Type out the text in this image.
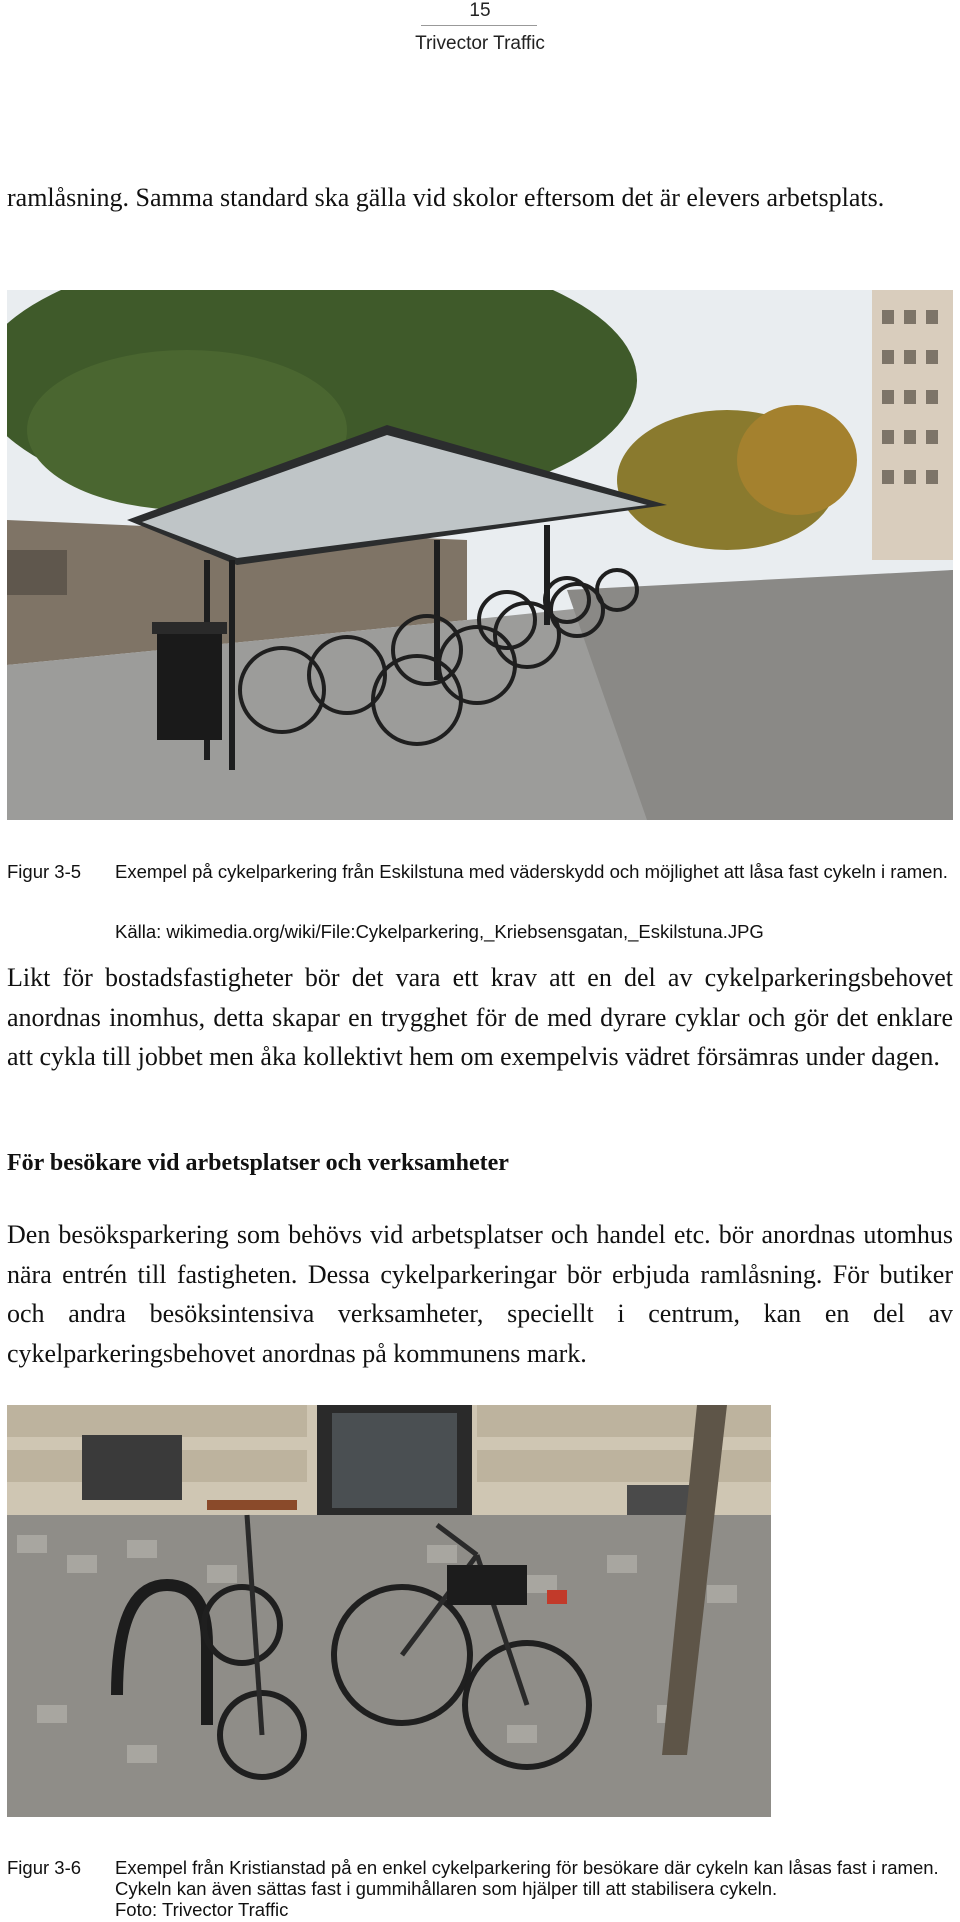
15
Trivector Traffic

ramlåsning. Samma standard ska gälla vid skolor eftersom det är elevers arbetsplats.

Figur 3-5 Exempel på cykelparkering från Eskilstuna med väderskydd och möjlighet att låsa fast cykeln i ramen.
Källa: wikimedia.org/wiki/File:Cykelparkering,_Kriebsensgatan,_Eskilstuna.JPG

Likt för bostadsfastigheter bör det vara ett krav att en del av cykelparkeringsbehovet anordnas inomhus, detta skapar en trygghet för de med dyrare cyklar och gör det enklare att cykla till jobbet men åka kollektivt hem om exempelvis vädret försämras under dagen.

För besökare vid arbetsplatser och verksamheter

Den besöksparkering som behövs vid arbetsplatser och handel etc. bör anordnas utomhus nära entrén till fastigheten. Dessa cykelparkeringar bör erbjuda ramlåsning. För butiker och andra besöksintensiva verksamheter, speciellt i centrum, kan en del av cykelparkeringsbehovet anordnas på kommunens mark.

Figur 3-6 Exempel från Kristianstad på en enkel cykelparkering för besökare där cykeln kan låsas fast i ramen. Cykeln kan även sättas fast i gummihållaren som hjälper till att stabilisera cykeln.
Foto: Trivector Traffic
